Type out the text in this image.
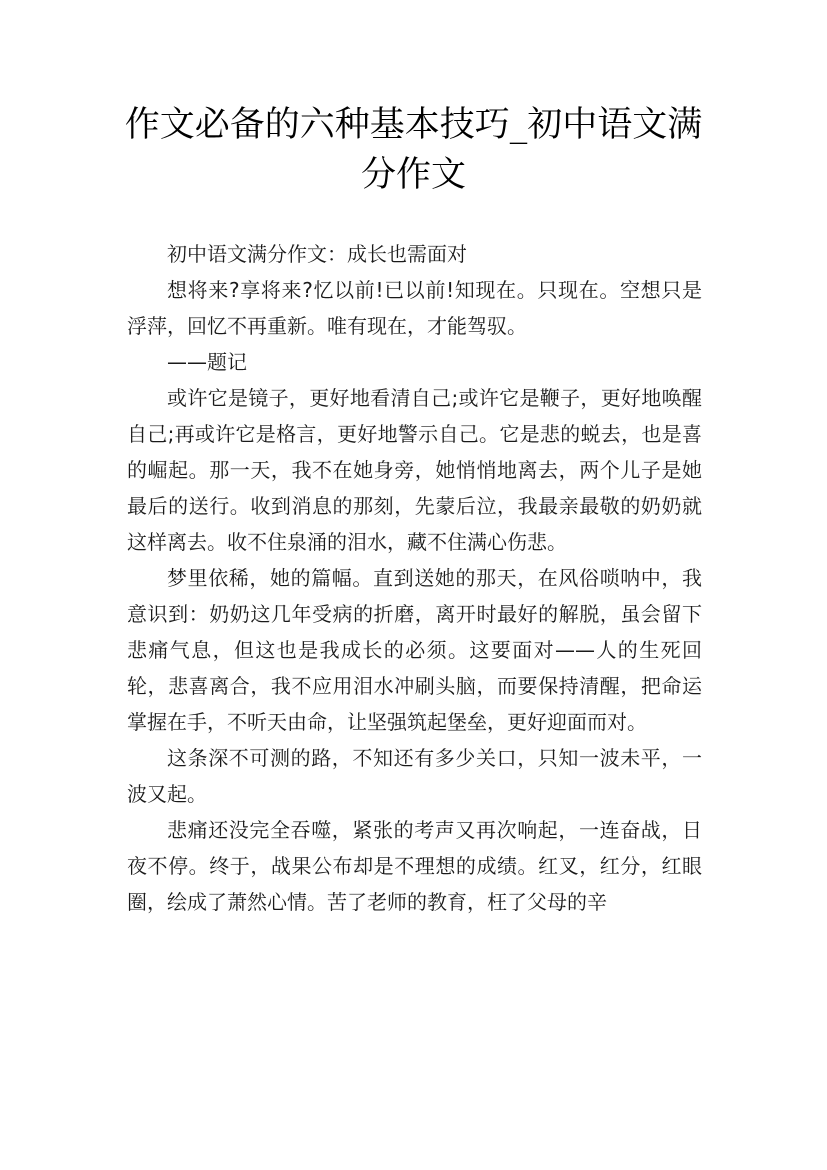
作文必备的六种基本技巧_初中语文满分作文

初中语文满分作文：成长也需面对

想将来?享将来?忆以前!已以前!知现在。只现在。空想只是浮萍，回忆不再重新。唯有现在，才能驾驭。

——题记

或许它是镜子，更好地看清自己;或许它是鞭子，更好地唤醒自己;再或许它是格言，更好地警示自己。它是悲的蜕去，也是喜的崛起。那一天，我不在她身旁，她悄悄地离去，两个儿子是她最后的送行。收到消息的那刻，先蒙后泣，我最亲最敬的奶奶就这样离去。收不住泉涌的泪水，藏不住满心伤悲。

梦里依稀，她的篇幅。直到送她的那天，在风俗唢呐中，我意识到：奶奶这几年受病的折磨，离开时最好的解脱，虽会留下悲痛气息，但这也是我成长的必须。这要面对——人的生死回轮，悲喜离合，我不应用泪水冲刷头脑，而要保持清醒，把命运掌握在手，不听天由命，让坚强筑起堡垒，更好迎面而对。

这条深不可测的路，不知还有多少关口，只知一波未平，一波又起。

悲痛还没完全吞噬，紧张的考声又再次响起，一连奋战，日夜不停。终于，战果公布却是不理想的成绩。红叉，红分，红眼圈，绘成了萧然心情。苦了老师的教育，枉了父母的辛
